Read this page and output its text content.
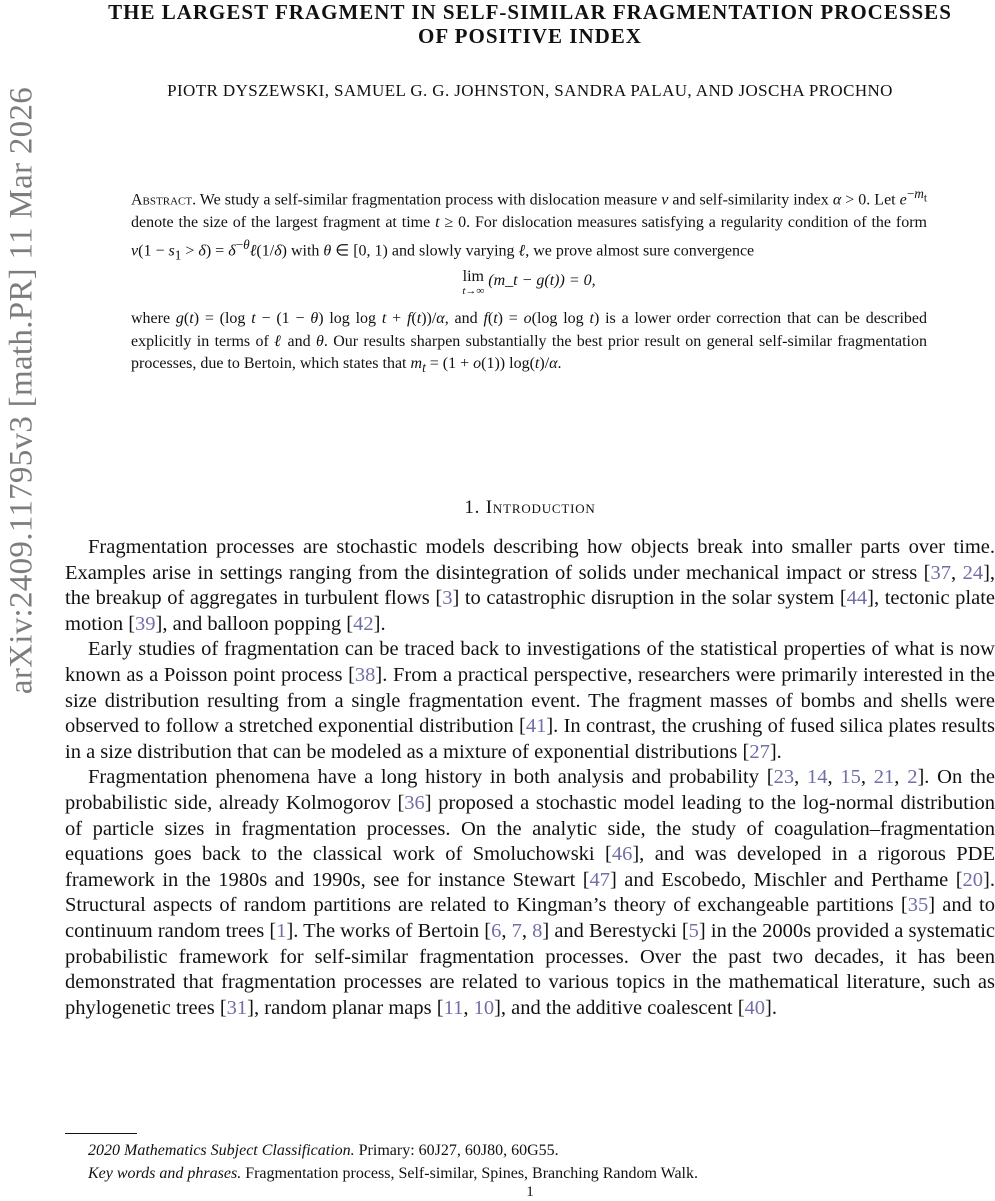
arXiv:2409.11795v3 [math.PR] 11 Mar 2026
THE LARGEST FRAGMENT IN SELF-SIMILAR FRAGMENTATION PROCESSES OF POSITIVE INDEX
PIOTR DYSZEWSKI, SAMUEL G. G. JOHNSTON, SANDRA PALAU, AND JOSCHA PROCHNO

Abstract. We study a self-similar fragmentation process with dislocation measure ν and self-similarity index α > 0. Let $e^{-m_t}$ denote the size of the largest fragment at time t ≥ 0. For dislocation measures satisfying a regularity condition of the form $\nu(1 - s_1 > \delta)$ = $\delta^{-\theta}\ell(1/\delta)$ with θ ∈ [0, 1) and slowly varying ℓ, we prove almost sure convergence

lim
t→∞
(m_t − g(t)) = 0,

where g(t) = (log t − (1 − θ) log log t + f(t))/α, and f(t) = o(log log t) is a lower order correction that can be described explicitly in terms of ℓ and θ. Our results sharpen substantially the best prior result on general self-similar fragmentation processes, due to Bertoin, which states that $m_t = (1 + o(1))$ log(t)/α.

1. Introduction

Fragmentation processes are stochastic models describing how objects break into smaller parts over time. Examples arise in settings ranging from the disintegration of solids under mechanical impact or stress [37, 24], the breakup of aggregates in turbulent flows [3] to catastrophic disruption in the solar system [44], tectonic plate motion [39], and balloon popping [42].

Early studies of fragmentation can be traced back to investigations of the statistical properties of what is now known as a Poisson point process [38]. From a practical perspective, researchers were primarily interested in the size distribution resulting from a single fragmentation event. The fragment masses of bombs and shells were observed to follow a stretched exponential distribution [41]. In contrast, the crushing of fused silica plates results in a size distribution that can be modeled as a mixture of exponential distributions [27].

Fragmentation phenomena have a long history in both analysis and probability [23, 14, 15, 21, 2]. On the probabilistic side, already Kolmogorov [36] proposed a stochastic model leading to the log-normal distribution of particle sizes in fragmentation processes. On the analytic side, the study of coagulation–fragmentation equations goes back to the classical work of Smoluchowski [46], and was developed in a rigorous PDE framework in the 1980s and 1990s, see for instance Stewart [47] and Escobedo, Mischler and Perthame [20]. Structural aspects of random partitions are related to Kingman’s theory of exchangeable partitions [35] and to continuum random trees [1]. The works of Bertoin [6, 7, 8] and Berestycki [5] in the 2000s provided a systematic probabilistic framework for self-similar fragmentation processes. Over the past two decades, it has been demonstrated that fragmentation processes are related to various topics in the mathematical literature, such as phylogenetic trees [31], random planar maps [11, 10], and the additive coalescent [40].

2020 Mathematics Subject Classification. Primary: 60J27, 60J80, 60G55.
Key words and phrases. Fragmentation process, Self-similar, Spines, Branching Random Walk.
1
